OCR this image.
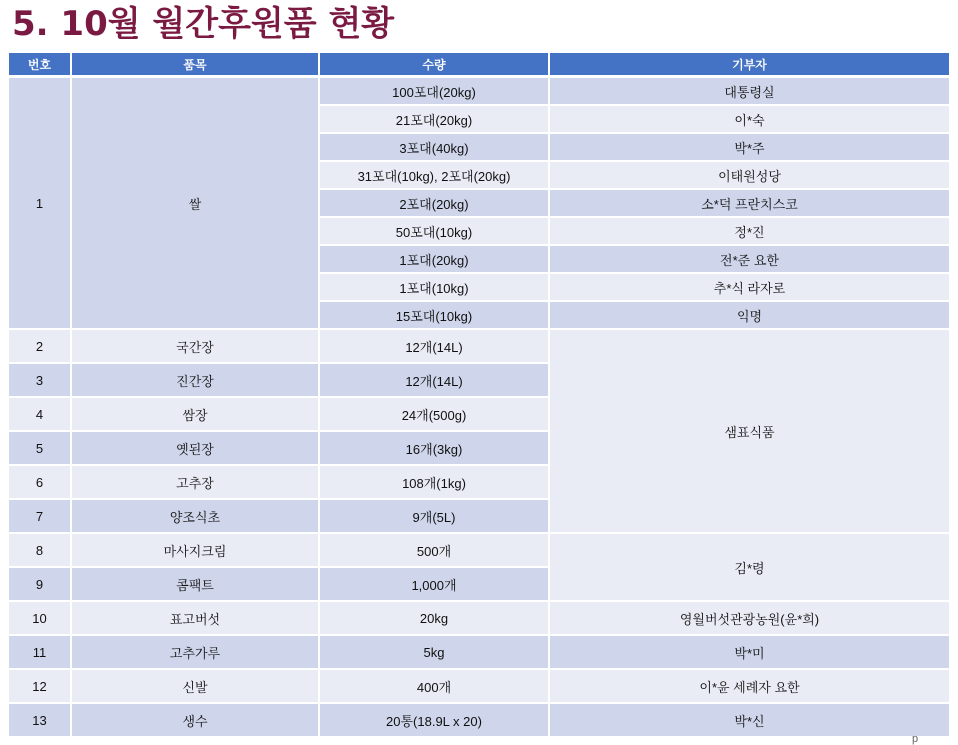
5. 10월 월간후원품 현황
번호	품목	수량	기부자
1	쌀	100포대(20kg)	대통령실
		21포대(20kg)	이*숙
		3포대(40kg)	박*주
		31포대(10kg), 2포대(20kg)	이태원성당
		2포대(20kg)	소*덕 프란치스코
		50포대(10kg)	정*진
		1포대(20kg)	전*준 요한
		1포대(10kg)	추*식 라자로
		15포대(10kg)	익명
2	국간장	12개(14L)	샘표식품
3	진간장	12개(14L)	
4	쌈장	24개(500g)	
5	옛된장	16개(3kg)	
6	고추장	108개(1kg)	
7	양조식초	9개(5L)	
8	마사지크림	500개	김*령
9	콤팩트	1,000개	
10	표고버섯	20kg	영월버섯관광농원(윤*희)
11	고추가루	5kg	박*미
12	신발	400개	이*윤 세례자 요한
13	생수	20통(18.9L x 20)	박*신
p
